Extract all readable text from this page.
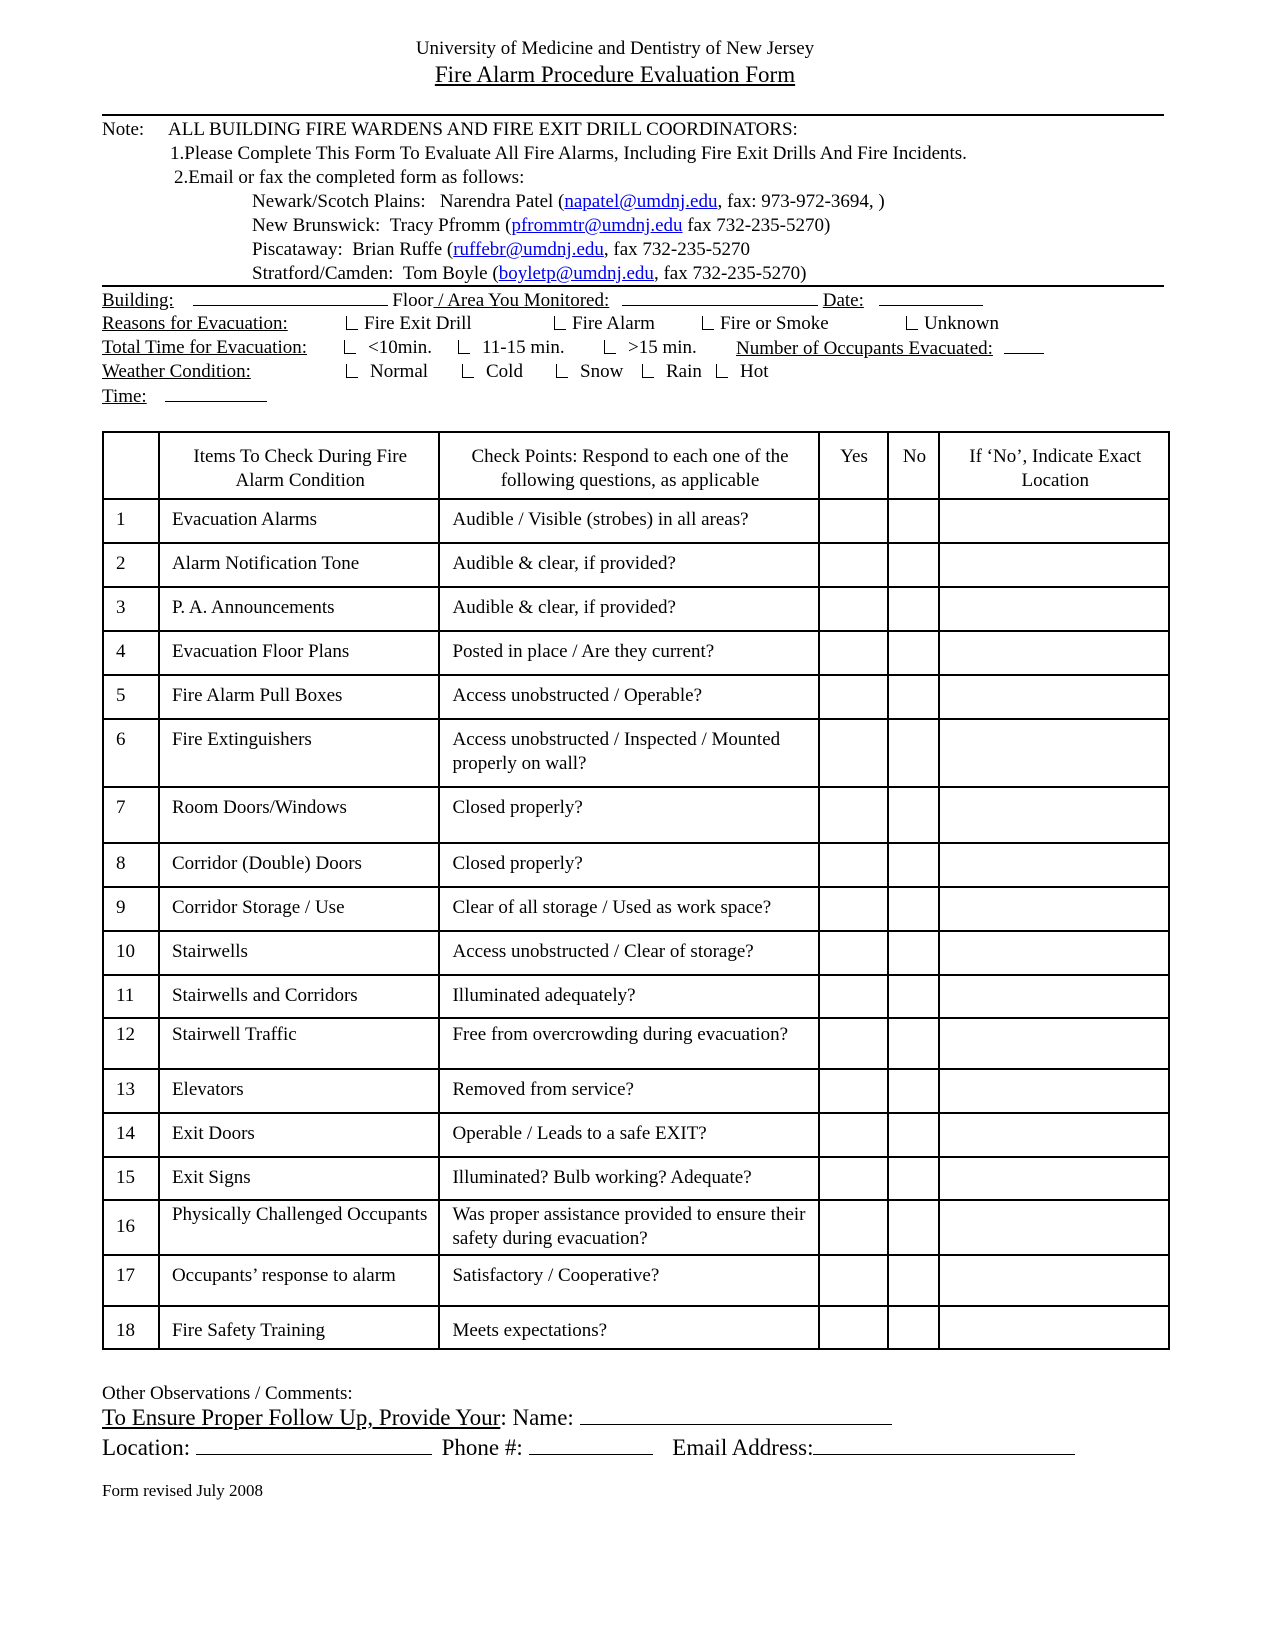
University of Medicine and Dentistry of New Jersey
Fire Alarm Procedure Evaluation Form
Note: ALL BUILDING FIRE WARDENS AND FIRE EXIT DRILL COORDINATORS:
1.Please Complete This Form To Evaluate All Fire Alarms, Including Fire Exit Drills And Fire Incidents.
2.Email or fax the completed form as follows:
Newark/Scotch Plains: Narendra Patel (napatel@umdnj.edu, fax: 973-972-3694, )
New Brunswick: Tracy Pfromm (pfrommtr@umdnj.edu fax 732-235-5270)
Piscataway: Brian Ruffe (ruffebr@umdnj.edu, fax 732-235-5270
Stratford/Camden: Tom Boyle (boyletp@umdnj.edu, fax 732-235-5270)
Building:	Floor / Area You Monitored:	Date:
Reasons for Evacuation:	Fire Exit Drill	Fire Alarm	Fire or Smoke	Unknown
Total Time for Evacuation:	<10min.	11-15 min.	>15 min. Number of Occupants Evacuated:
Weather Condition:	Normal	Cold	Snow	Rain	Hot
Time:
	Items To Check During Fire Alarm Condition	Check Points: Respond to each one of the following questions, as applicable	Yes	No	If ‘No’, Indicate Exact Location
1	Evacuation Alarms	Audible / Visible (strobes) in all areas?			
2	Alarm Notification Tone	Audible & clear, if provided?			
3	P. A. Announcements	Audible & clear, if provided?			
4	Evacuation Floor Plans	Posted in place / Are they current?			
5	Fire Alarm Pull Boxes	Access unobstructed / Operable?			
6	Fire Extinguishers	Access unobstructed / Inspected / Mounted properly on wall?			
7	Room Doors/Windows	Closed properly?			
8	Corridor (Double) Doors	Closed properly?			
9	Corridor Storage / Use	Clear of all storage / Used as work space?			
10	Stairwells	Access unobstructed / Clear of storage?			
11	Stairwells and Corridors	Illuminated adequately?			
12	Stairwell Traffic	Free from overcrowding during evacuation?			
13	Elevators	Removed from service?			
14	Exit Doors	Operable / Leads to a safe EXIT?			
15	Exit Signs	Illuminated? Bulb working? Adequate?			
16	Physically Challenged Occupants	Was proper assistance provided to ensure their safety during evacuation?			
17	Occupants’ response to alarm	Satisfactory / Cooperative?			
18	Fire Safety Training	Meets expectations?			
Other Observations / Comments:
To Ensure Proper Follow Up, Provide Your: Name:
Location:	Phone #:	Email Address:
Form revised July 2008
